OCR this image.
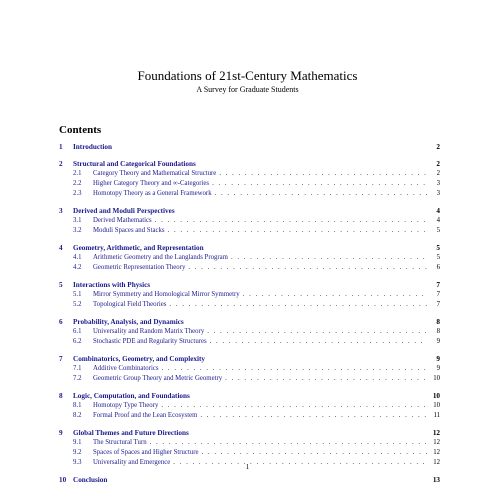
Foundations of 21st-Century Mathematics
A Survey for Graduate Students
Contents
1	Introduction	2
2	Structural and Categorical Foundations	2
2.1	Category Theory and Mathematical Structure . . .	2
2.2	Higher Category Theory and ∞-Categories . . .	3
2.3	Homotopy Theory as a General Framework . . .	3
3	Derived and Moduli Perspectives	4
3.1	Derived Mathematics . . .	4
3.2	Moduli Spaces and Stacks . . .	5
4	Geometry, Arithmetic, and Representation	5
4.1	Arithmetic Geometry and the Langlands Program . . .	5
4.2	Geometric Representation Theory . . .	6
5	Interactions with Physics	7
5.1	Mirror Symmetry and Homological Mirror Symmetry . . .	7
5.2	Topological Field Theories . . .	7
6	Probability, Analysis, and Dynamics	8
6.1	Universality and Random Matrix Theory . . .	8
6.2	Stochastic PDE and Regularity Structures . . .	9
7	Combinatorics, Geometry, and Complexity	9
7.1	Additive Combinatorics . . .	9
7.2	Geometric Group Theory and Metric Geometry . . .	10
8	Logic, Computation, and Foundations	10
8.1	Homotopy Type Theory . . .	10
8.2	Formal Proof and the Lean Ecosystem . . .	11
9	Global Themes and Future Directions	12
9.1	The Structural Turn . . .	12
9.2	Spaces of Spaces and Higher Structure . . .	12
9.3	Universality and Emergence . . .	12
10 Conclusion	13
1
